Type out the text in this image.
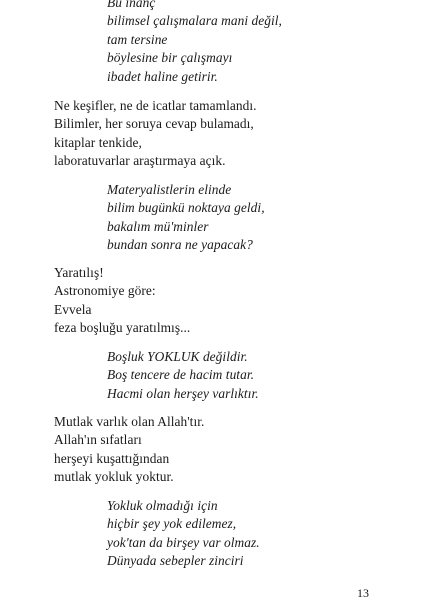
Bu inanç
bilimsel çalışmalara mani değil,
tam tersine
böylesine bir çalışmayı
ibadet haline getirir.
Ne keşifler, ne de icatlar tamamlandı.
Bilimler, her soruya cevap bulamadı,
kitaplar tenkide,
laboratuvarlar araştırmaya açık.
Materyalistlerin elinde
bilim bugünkü noktaya geldi,
bakalım mü'minler
bundan sonra ne yapacak?
Yaratılış!
Astronomiye göre:
Evvela
feza boşluğu yaratılmış...
Boşluk YOKLUK değildir.
Boş tencere de hacim tutar.
Hacmi olan herşey varlıktır.
Mutlak varlık olan Allah'tır.
Allah'ın sıfatları
herşeyi kuşattığından
mutlak yokluk yoktur.
Yokluk olmadığı için
hiçbir şey yok edilemez,
yok'tan da birşey var olmaz.
Dünyada sebepler zinciri
13
